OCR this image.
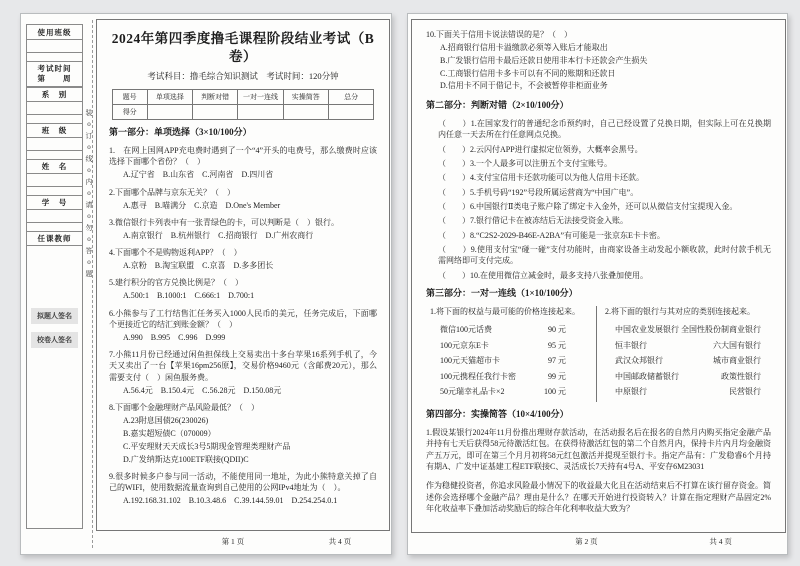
使用班级
考试时间
第　　周
系　别
班　级
姓　名
学　号
任课教师
拟题人签名
校卷人签名
装o订o线o内o请o勿o答o题
2024年第四季度撸毛课程阶段结业考试（B卷）
考试科目：撸毛综合知识测试　考试时间：120分钟
题号	单项选择	判断对错	一对一连线	实操简答	总分
得分					
第一部分：单项选择（3×10/100分）
1.　在网上国网APP充电费时遇到了一个“4”开头的电费号，那么缴费时应该选择下面哪个省份？（　）
A.辽宁省　B.山东省　C.河南省　D.四川省
2.下面哪个品牌与京东无关？（　）
A.惠寻　B.喵满分　C.京造　D.One's Member
3.微信银行卡列表中有一张青绿色的卡，可以判断是（　）银行。
A.南京银行　B.杭州银行　C.招商银行　D.广州农商行
4.下面哪个不是购物返利APP？（　）
A.京粉　B.淘宝联盟　C.京喜　D.多多团长
5.建行积分的官方兑换比例是？（　）
A.500:1　B.1000:1　C.666:1　D.700:1
6.小熊参与了工行结售汇任务买入1000人民币的美元，任务完成后，下面哪个更接近它的结汇到账金额？（　）
A.990　B.995　C.996　D.999
7.小熊11月份已经通过闲鱼担保线上交易卖出十多台苹果16系列手机了，今天又卖出了一台【苹果16pm256原】，交易价格9460元（含邮费20元），那么需要支付（　）闲鱼服务费。
A.56.4元　B.150.4元　C.56.28元　D.150.08元
8.下面哪个金融理财产品风险最低？（　）
A.23附息国债26(230026)
B.嘉实超短债C（070009）
C.平安理财天天成长3号5期现金管理类理财产品
D.广发纳斯达克100ETF联接(QDII)C
9.很多时候多户参与同一活动，不能使用同一地址，为此小熊特意关掉了自己的WIFI，使用数据流量查询到自己使用的公网IPv4地址为（　）。
A.192.168.31.102　B.10.3.48.6　C.39.144.59.01　D.254.254.0.1
第 1 页	共 4 页
10.下面关于信用卡说法错误的是？（　）
A.招商银行信用卡溢缴款必须等入账后才能取出
B.广发银行信用卡最后还款日使用非本行卡还款会产生损失
C.工商银行信用卡多卡可以有不同的账期和还款日
D.信用卡不同于借记卡，不会被暂停非柜面业务
第二部分：判断对错（2×10/100分）
（　　）1.在国家发行的普通纪念币预约时，自己已经设置了兑换日期，但实际上可在兑换期内任意一天去所在行任意网点兑换。
（　　）2.云闪付APP进行虚拟定位领券，大概率会黑号。
（　　）3.一个人最多可以注册五个支付宝账号。
（　　）4.支付宝信用卡还款功能可以为他人信用卡还款。
（　　）5.手机号码“192”号段所属运营商为“中国广电”。
（　　）6.中国银行Ⅱ类电子账户除了绑定卡入金外，还可以从微信支付宝提现入金。
（　　）7.银行借记卡在被冻结后无法接受资金入账。
（　　）8.“C2S2-2029-B46E-A2BA”有可能是一张京东E卡卡密。
（　　）9.使用支付宝“碰一碰”支付功能时，由商家设备主动发起小额收款，此时付款手机无需网络即可支付完成。
（　　）10.在使用微信立减金时，最多支持八张叠加使用。
第三部分：一对一连线（1×10/100分）
1.将下面的权益与最可能的价格连接起来。
微信100元话费	90 元
100元京东E卡	95 元
100元天猫超市卡	97 元
100元携程任我行卡密	99 元
50元瑞幸礼品卡×2	100 元
2.将下面的银行与其对应的类别连接起来。
中国农业发展银行 全国性股份制商业银行
恒丰银行	六大国有银行
武汉众邦银行	城市商业银行
中国邮政储蓄银行	政策性银行
中原银行	民营银行
第四部分：实操简答（10×4/100分）
1.假设某银行2024年11月份推出理财存款活动，在活动报名后在报名的自然月内购买指定金融产品并持有七天后获得58元待激活红包。在获得待激活红包的第二个自然月内，保持卡片内月均金融资产五万元，即可在第三个月月初将58元红包激活并提现至银行卡。指定产品有：广发稳睿6个月持有期A、广发中证基建工程ETF联接C、灵活成长7天持有4号A、平安存6M23031
作为稳健投资者，你追求风险最小情况下的收益最大化且在活动结束后不打算在该行留存资金。简述你会选择哪个金融产品？理由是什么？在哪天开始进行投资转入？计算在指定理财产品固定2%年化收益率下叠加活动奖励后的综合年化利率收益大致为？
第 2 页	共 4 页
